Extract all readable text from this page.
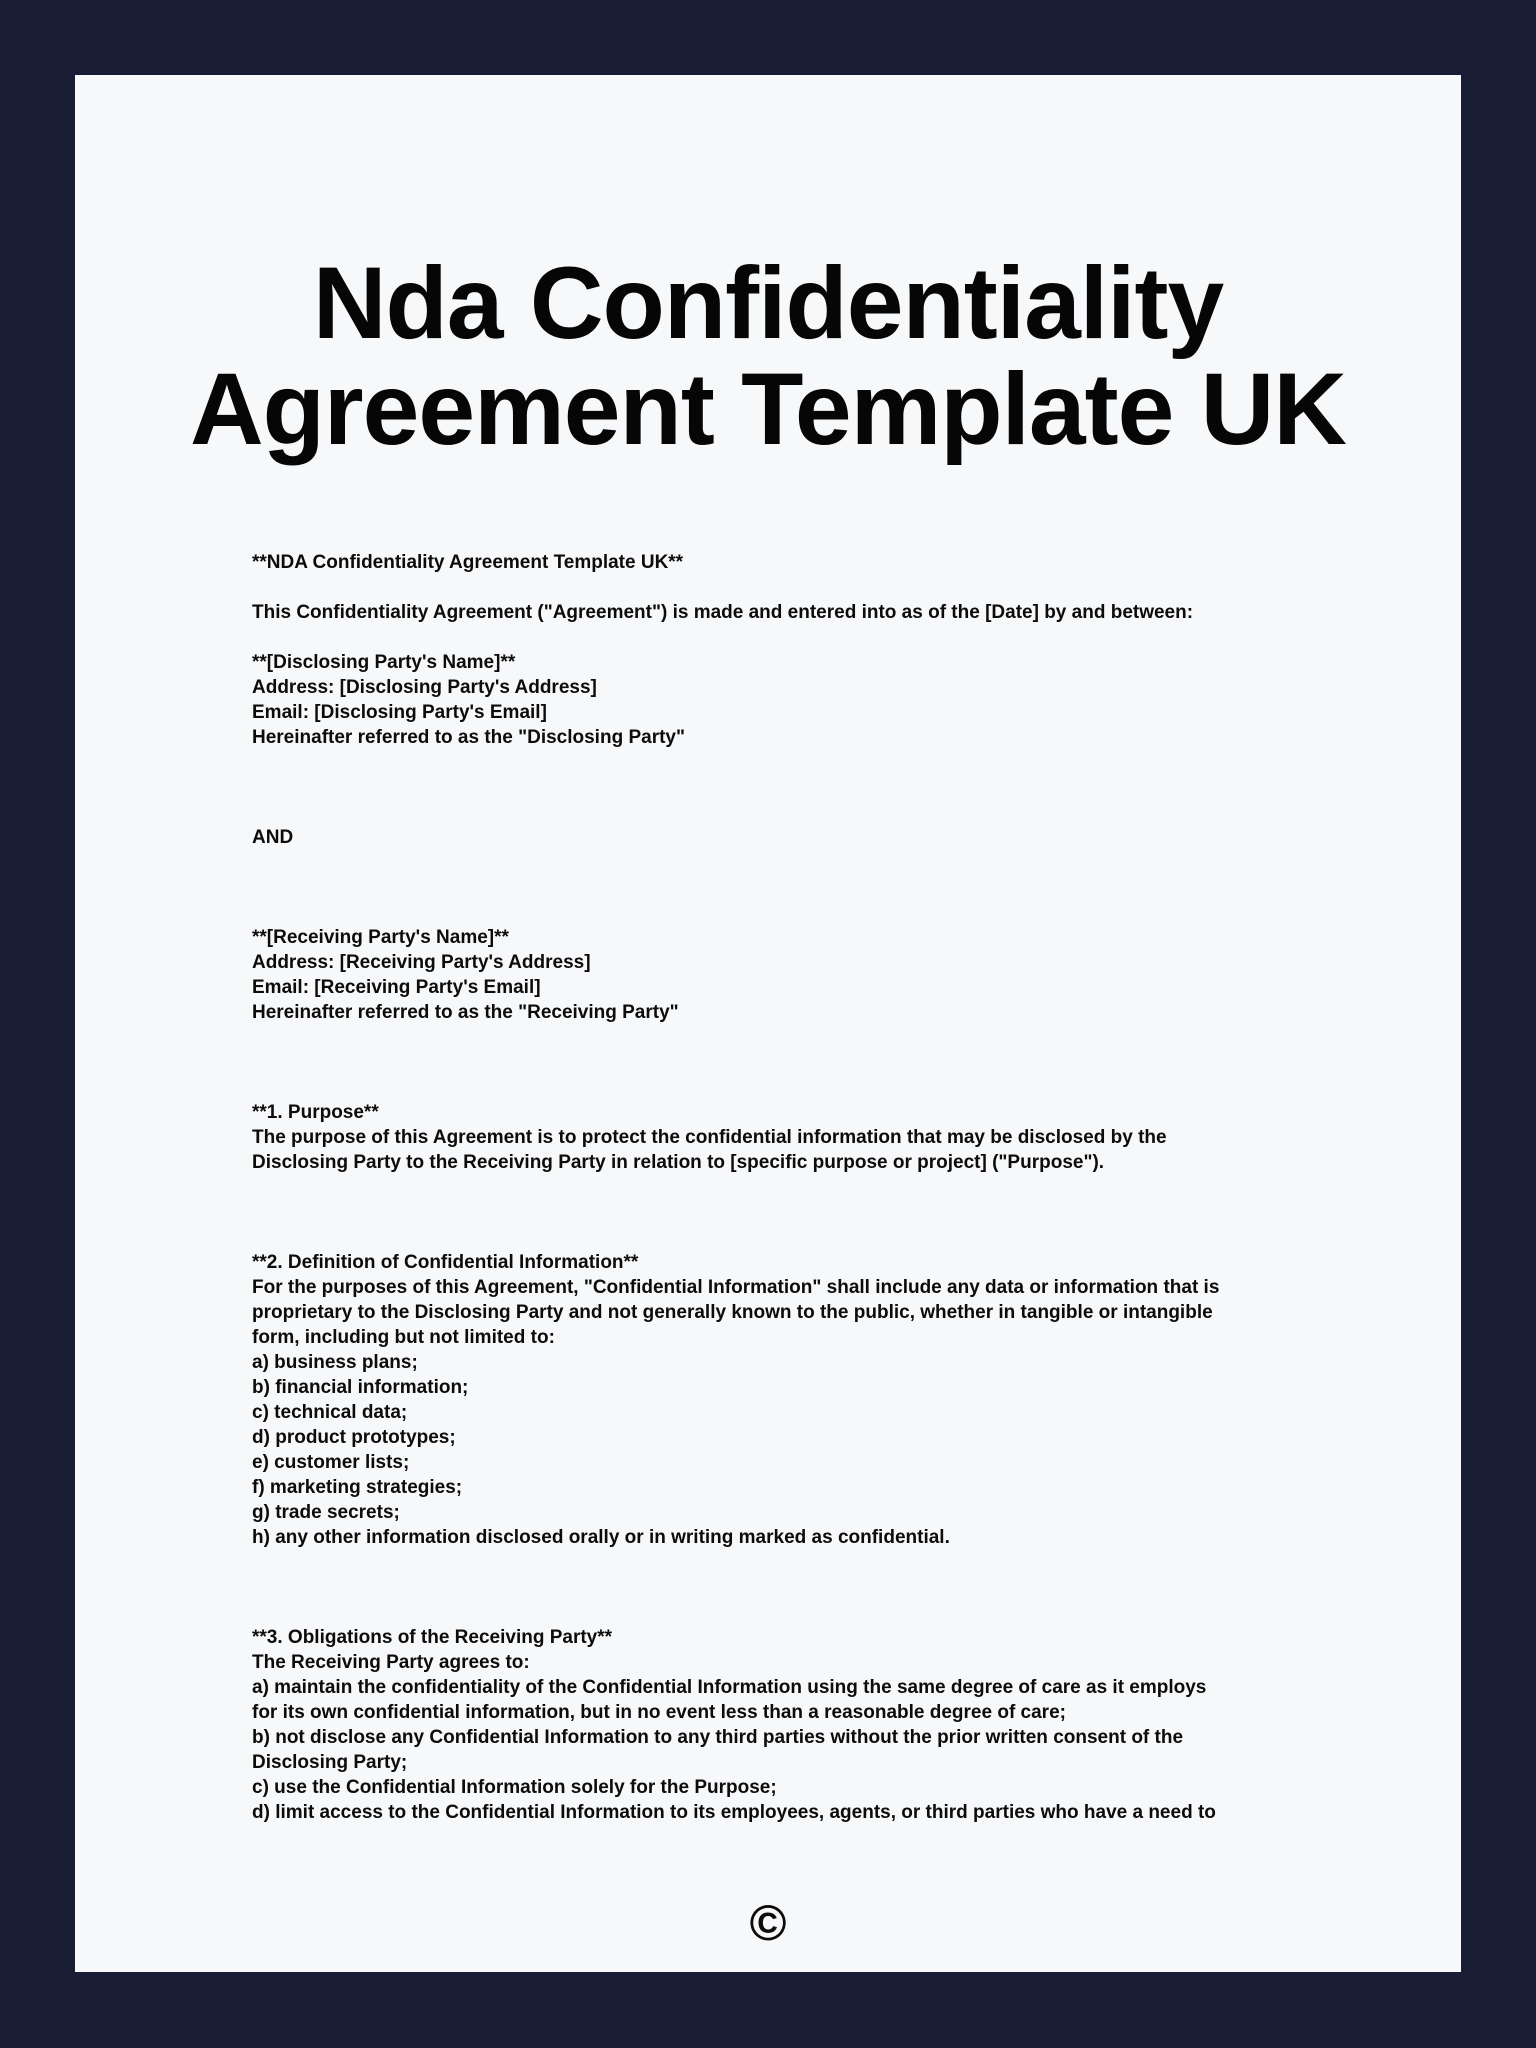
Nda Confidentiality
Agreement Template UK
**NDA Confidentiality Agreement Template UK**
This Confidentiality Agreement ("Agreement") is made and entered into as of the [Date] by and between:
**[Disclosing Party's Name]**
Address: [Disclosing Party's Address]
Email: [Disclosing Party's Email]
Hereinafter referred to as the "Disclosing Party"
AND
**[Receiving Party's Name]**
Address: [Receiving Party's Address]
Email: [Receiving Party's Email]
Hereinafter referred to as the "Receiving Party"
**1. Purpose**
The purpose of this Agreement is to protect the confidential information that may be disclosed by the
Disclosing Party to the Receiving Party in relation to [specific purpose or project] ("Purpose").
**2. Definition of Confidential Information**
For the purposes of this Agreement, "Confidential Information" shall include any data or information that is
proprietary to the Disclosing Party and not generally known to the public, whether in tangible or intangible
form, including but not limited to:
a) business plans;
b) financial information;
c) technical data;
d) product prototypes;
e) customer lists;
f) marketing strategies;
g) trade secrets;
h) any other information disclosed orally or in writing marked as confidential.
**3. Obligations of the Receiving Party**
The Receiving Party agrees to:
a) maintain the confidentiality of the Confidential Information using the same degree of care as it employs
for its own confidential information, but in no event less than a reasonable degree of care;
b) not disclose any Confidential Information to any third parties without the prior written consent of the
Disclosing Party;
c) use the Confidential Information solely for the Purpose;
d) limit access to the Confidential Information to its employees, agents, or third parties who have a need to
©
